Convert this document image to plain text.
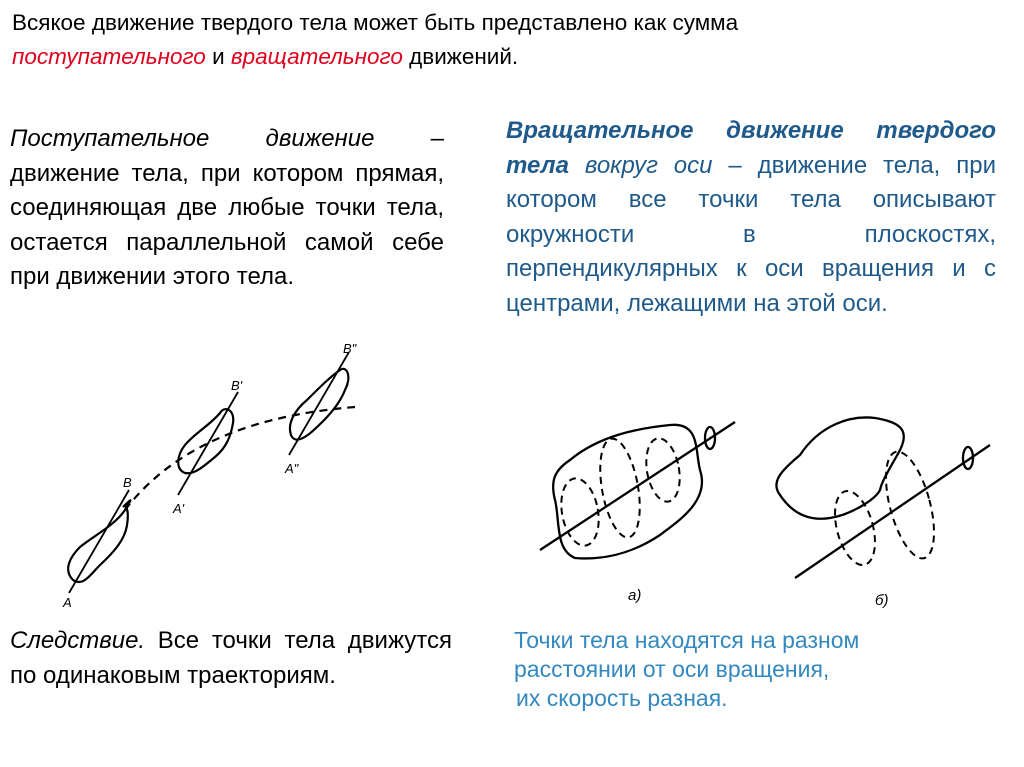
Всякое движение твердого тела может быть представлено как сумма
поступательного и вращательного движений.
Поступательное движение – движение тела, при котором прямая, соединяющая две любые точки тела, остается параллельной самой себе при движении этого тела.
Вращательное движение твердого тела вокруг оси – движение тела, при котором все точки тела описывают окружности в плоскостях, перпендикулярных к оси вращения и с центрами, лежащими на этой оси.
A
B
A'
B'
A"
B"
a)	б)
Следствие. Все точки тела движутся по одинаковым траекториям.
Точки тела находятся на разном
расстоянии от оси вращения,
их скорость разная.
